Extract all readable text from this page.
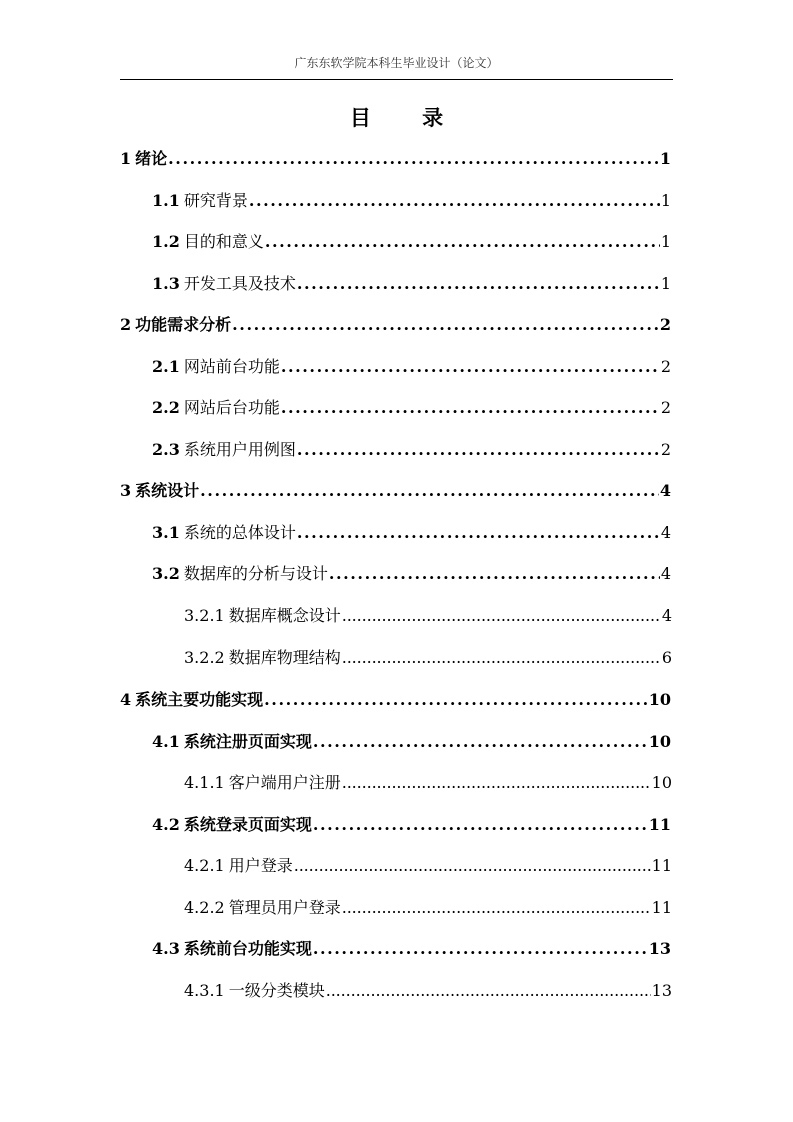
广东东软学院本科生毕业设计（论文）
目 录
1 绪论 . . .	1
1.1 研究背景 . . .	1
1.2 目的和意义 . . .	1
1.3 开发工具及技术 . . .	1
2 功能需求分析 . . .	2
2.1 网站前台功能 . . .	2
2.2 网站后台功能 . . .	2
2.3 系统用户用例图 . . .	2
3 系统设计 . . .	4
3.1 系统的总体设计 . . .	4
3.2 数据库的分析与设计 . . .	4
3.2.1 数据库概念设计 . . .	4
3.2.2 数据库物理结构 . . .	6
4 系统主要功能实现 . . .	10
4.1 系统注册页面实现 . . .	10
4.1.1 客户端用户注册 . . .	10
4.2 系统登录页面实现 . . .	11
4.2.1 用户登录 . . .	11
4.2.2 管理员用户登录 . . .	11
4.3 系统前台功能实现 . . .	13
4.3.1 一级分类模块 . . .	13
